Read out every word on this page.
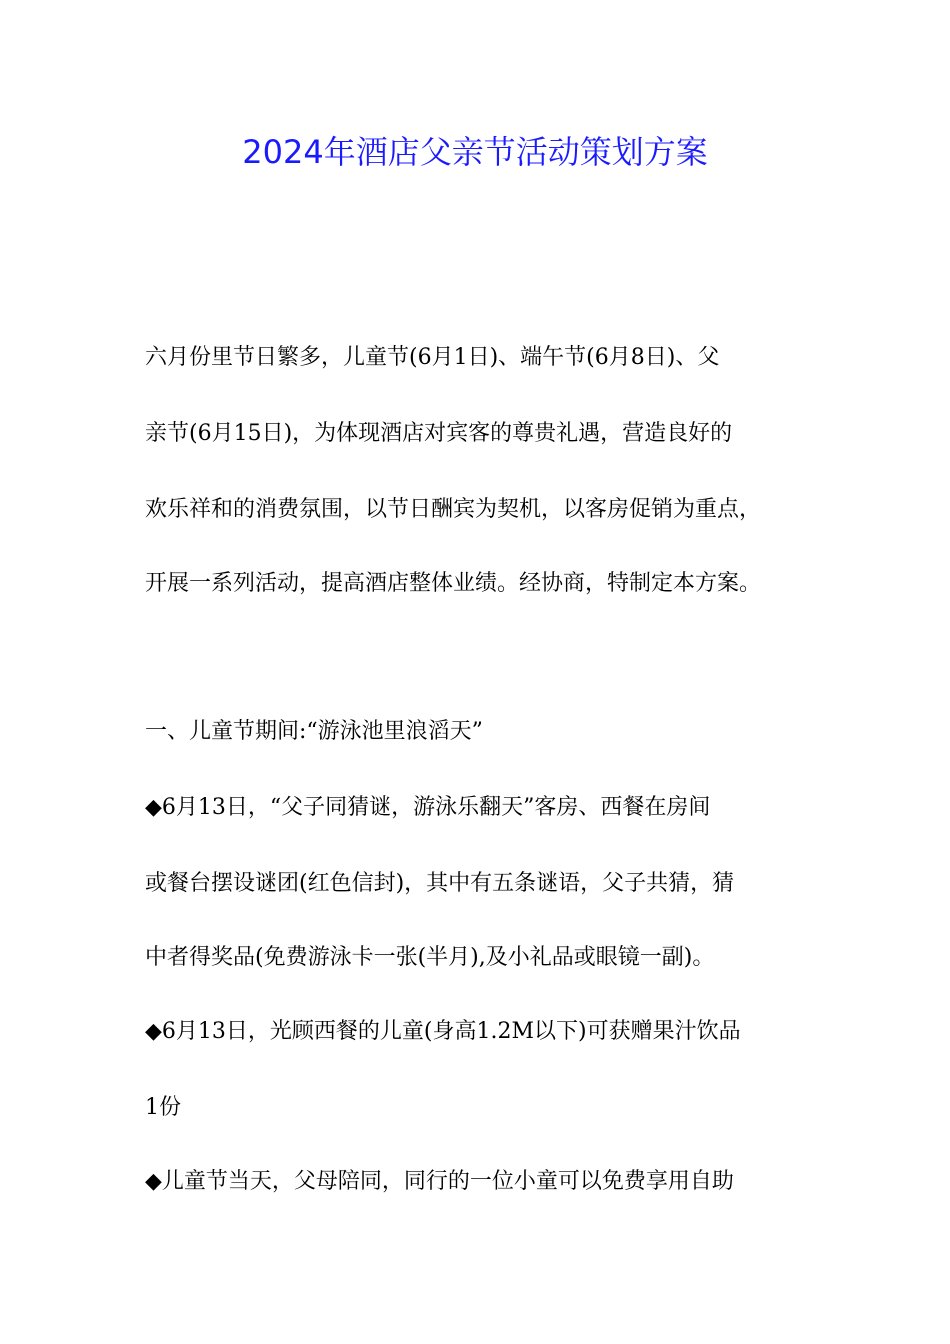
2024年酒店父亲节活动策划方案
六月份里节日繁多，儿童节(6月1日)、端午节(6月8日)、父
亲节(6月15日)，为体现酒店对宾客的尊贵礼遇，营造良好的
欢乐祥和的消费氛围，以节日酬宾为契机，以客房促销为重点，
开展一系列活动，提高酒店整体业绩。经协商，特制定本方案。
一、儿童节期间:“游泳池里浪滔天”
◆6月13日，“父子同猜谜，游泳乐翻天”客房、西餐在房间
或餐台摆设谜团(红色信封)，其中有五条谜语，父子共猜，猜
中者得奖品(免费游泳卡一张(半月),及小礼品或眼镜一副)。
◆6月13日，光顾西餐的儿童(身高1.2M以下)可获赠果汁饮品
1份
◆儿童节当天，父母陪同，同行的一位小童可以免费享用自助
